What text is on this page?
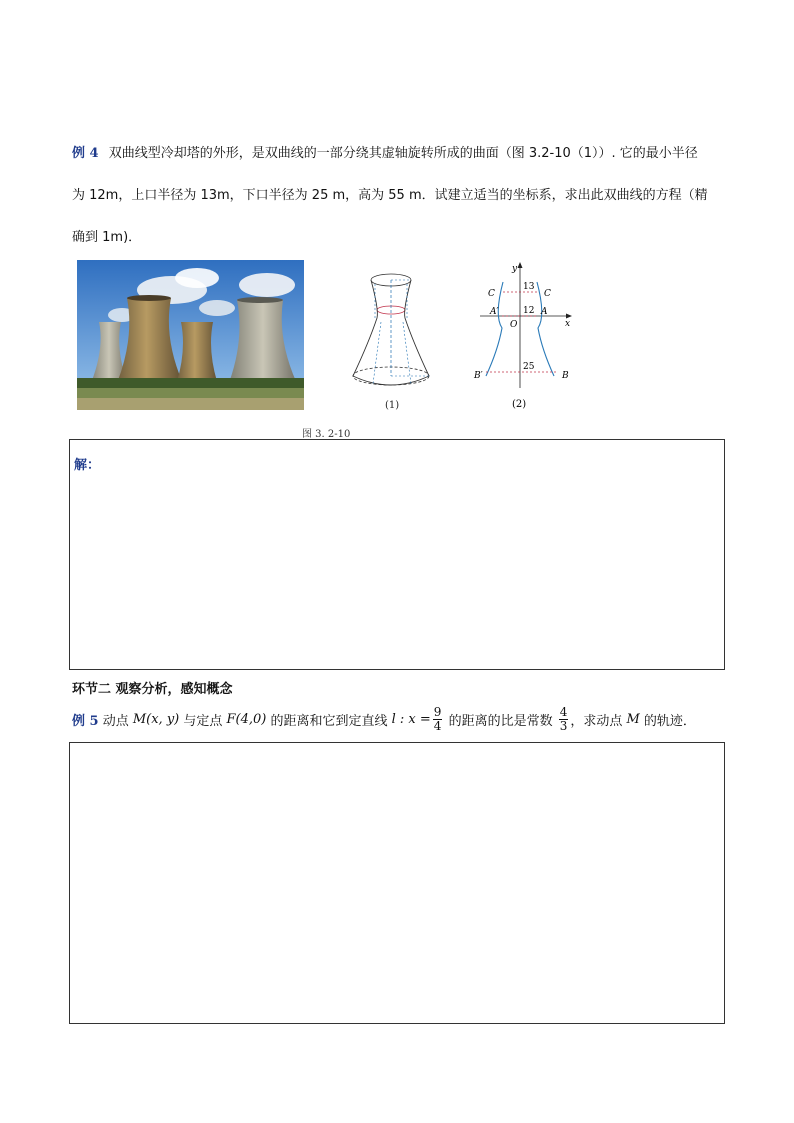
例 4 双曲线型冷却塔的外形，是双曲线的一部分绕其虚轴旋转所成的曲面（图 3.2-10（1））. 它的最小半径
为 12m，上口半径为 13m，下口半径为 25 m，高为 55 m．试建立适当的坐标系，求出此双曲线的方程（精
确到 1m)．
(1)
y
x
O
13
12
25
C	C
A′	A
B′	B
(2)
图 3. 2-10
解：
环节二 观察分析，感知概念
例 5 动点 M(x, y) 与定点 F(4,0) 的距离和它到定直线 l : $x = \frac{9}{4}$ 的距离的比是常数 $\frac{4}{3}$ ，求动点 M 的轨迹．
